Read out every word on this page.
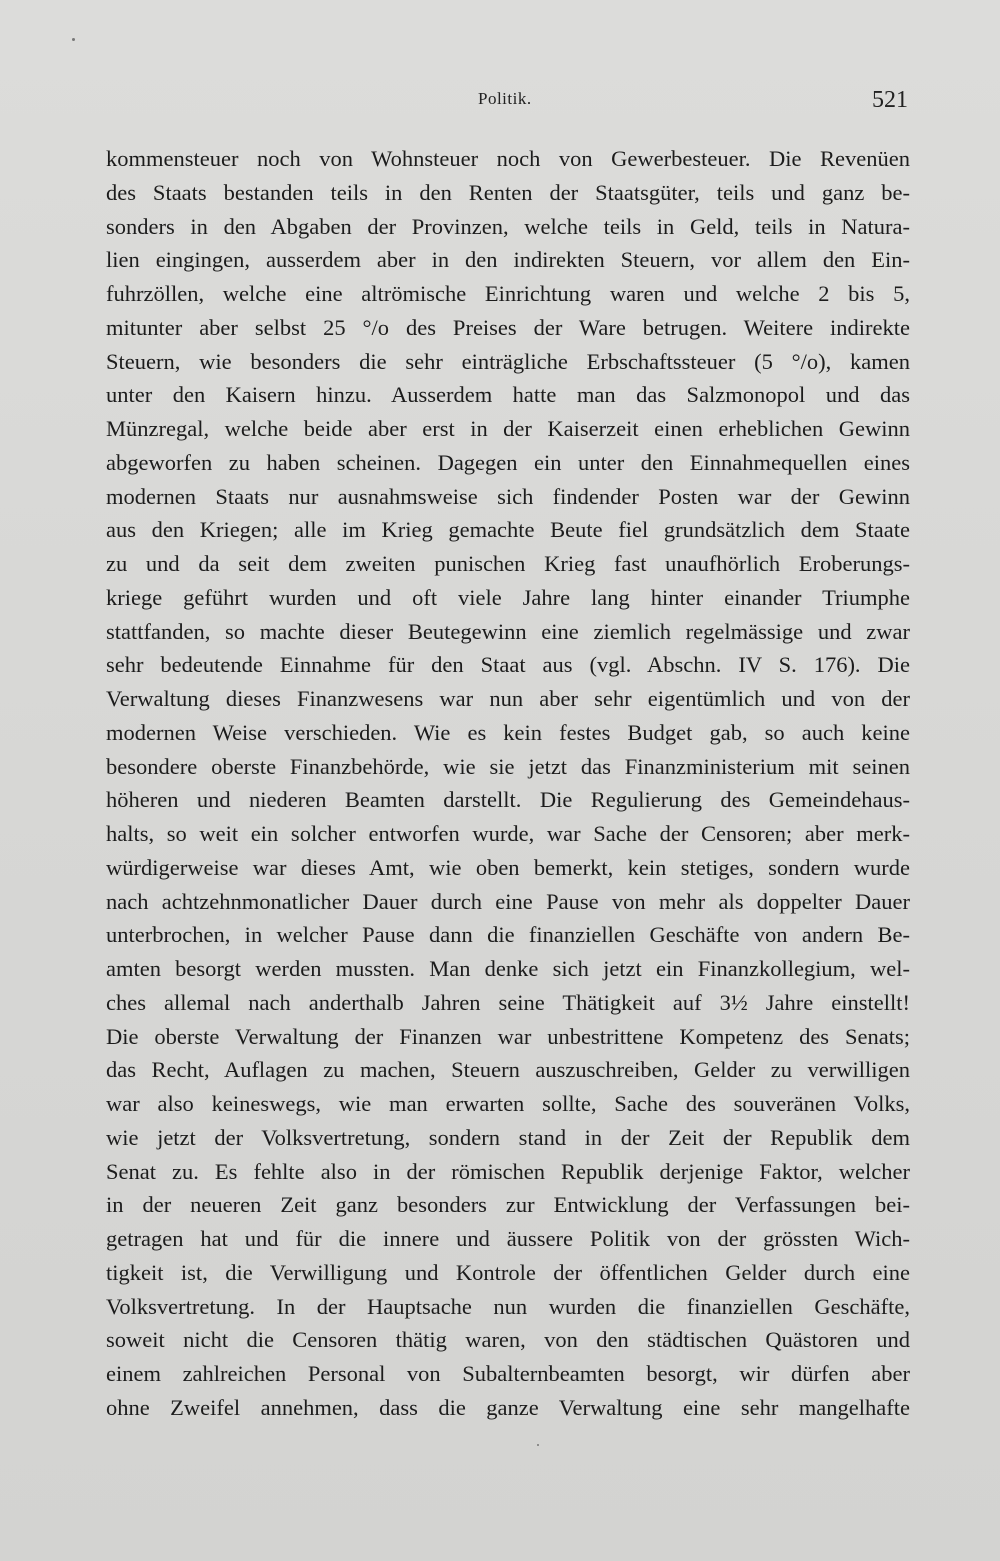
Politik.	521
kommensteuer noch von Wohnsteuer noch von Gewerbesteuer. Die Revenüen
des Staats bestanden teils in den Renten der Staatsgüter, teils und ganz be-
sonders in den Abgaben der Provinzen, welche teils in Geld, teils in Natura-
lien eingingen, ausserdem aber in den indirekten Steuern, vor allem den Ein-
fuhrzöllen, welche eine altrömische Einrichtung waren und welche 2 bis 5,
mitunter aber selbst 25 °/o des Preises der Ware betrugen. Weitere indirekte
Steuern, wie besonders die sehr einträgliche Erbschaftssteuer (5 °/o), kamen
unter den Kaisern hinzu. Ausserdem hatte man das Salzmonopol und das
Münzregal, welche beide aber erst in der Kaiserzeit einen erheblichen Gewinn
abgeworfen zu haben scheinen. Dagegen ein unter den Einnahmequellen eines
modernen Staats nur ausnahmsweise sich findender Posten war der Gewinn
aus den Kriegen; alle im Krieg gemachte Beute fiel grundsätzlich dem Staate
zu und da seit dem zweiten punischen Krieg fast unaufhörlich Eroberungs-
kriege geführt wurden und oft viele Jahre lang hinter einander Triumphe
stattfanden, so machte dieser Beutegewinn eine ziemlich regelmässige und zwar
sehr bedeutende Einnahme für den Staat aus (vgl. Abschn. IV S. 176). Die
Verwaltung dieses Finanzwesens war nun aber sehr eigentümlich und von der
modernen Weise verschieden. Wie es kein festes Budget gab, so auch keine
besondere oberste Finanzbehörde, wie sie jetzt das Finanzministerium mit seinen
höheren und niederen Beamten darstellt. Die Regulierung des Gemeindehaus-
halts, so weit ein solcher entworfen wurde, war Sache der Censoren; aber merk-
würdigerweise war dieses Amt, wie oben bemerkt, kein stetiges, sondern wurde
nach achtzehnmonatlicher Dauer durch eine Pause von mehr als doppelter Dauer
unterbrochen, in welcher Pause dann die finanziellen Geschäfte von andern Be-
amten besorgt werden mussten. Man denke sich jetzt ein Finanzkollegium, wel-
ches allemal nach anderthalb Jahren seine Thätigkeit auf 3½ Jahre einstellt!
Die oberste Verwaltung der Finanzen war unbestrittene Kompetenz des Senats;
das Recht, Auflagen zu machen, Steuern auszuschreiben, Gelder zu verwilligen
war also keineswegs, wie man erwarten sollte, Sache des souveränen Volks,
wie jetzt der Volksvertretung, sondern stand in der Zeit der Republik dem
Senat zu. Es fehlte also in der römischen Republik derjenige Faktor, welcher
in der neueren Zeit ganz besonders zur Entwicklung der Verfassungen bei-
getragen hat und für die innere und äussere Politik von der grössten Wich-
tigkeit ist, die Verwilligung und Kontrole der öffentlichen Gelder durch eine
Volksvertretung. In der Hauptsache nun wurden die finanziellen Geschäfte,
soweit nicht die Censoren thätig waren, von den städtischen Quästoren und
einem zahlreichen Personal von Subalternbeamten besorgt, wir dürfen aber
ohne Zweifel annehmen, dass die ganze Verwaltung eine sehr mangelhafte
